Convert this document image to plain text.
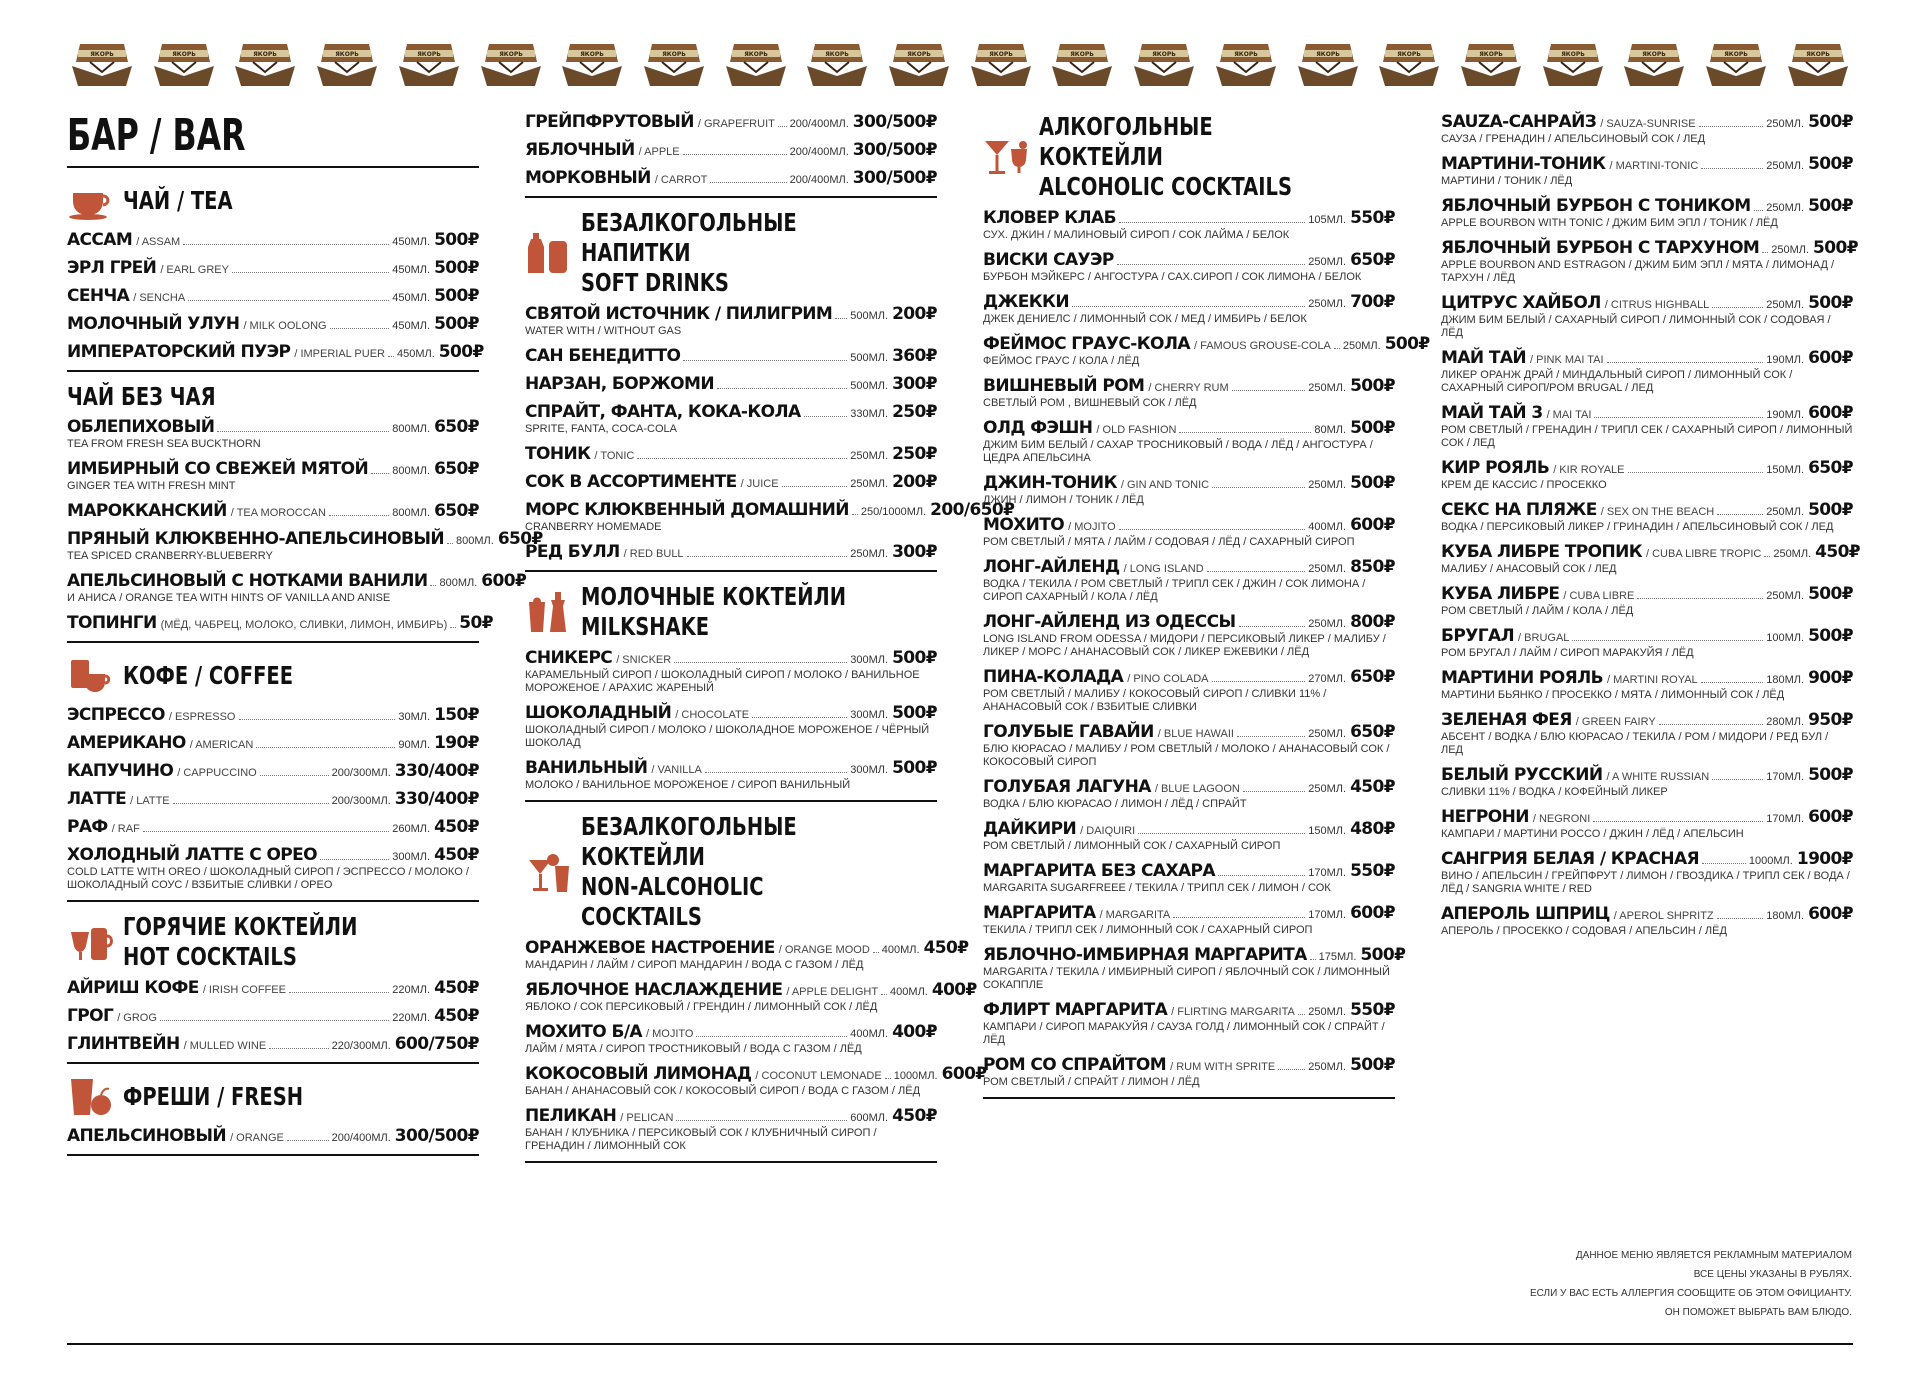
ЯКОРЬ	ЯКОРЬ	ЯКОРЬ	ЯКОРЬ	ЯКОРЬ	ЯКОРЬ	ЯКОРЬ	ЯКОРЬ	ЯКОРЬ	ЯКОРЬ	ЯКОРЬ	ЯКОРЬ	ЯКОРЬ	ЯКОРЬ	ЯКОРЬ	ЯКОРЬ	ЯКОРЬ	ЯКОРЬ	ЯКОРЬ	ЯКОРЬ	ЯКОРЬ	ЯКОРЬ
БАР / BAR
ЧАЙ / TEA
АССАМ / ASSAM	450МЛ. 500₽
ЭРЛ ГРЕЙ / EARL GREY	450МЛ. 500₽
СЕНЧА / SENCHA	450МЛ. 500₽
МОЛОЧНЫЙ УЛУН / MILK OOLONG	450МЛ. 500₽
ИМПЕРАТОРСКИЙ ПУЭР / IMPERIAL PUER 450МЛ. 500₽
ЧАЙ БЕЗ ЧАЯ
ОБЛЕПИХОВЫЙ	800МЛ. 650₽
TEA FROM FRESH SEA BUCKTHORN
ИМБИРНЫЙ СО СВЕЖЕЙ МЯТОЙ 800МЛ. 650₽
GINGER TEA WITH FRESH MINT
МАРОККАНСКИЙ / TEA MOROCCAN	800МЛ. 650₽
ПРЯНЫЙ КЛЮКВЕННО-АПЕЛЬСИНОВЫЙ 800МЛ. 650₽
TEA SPICED CRANBERRY-BLUEBERRY
АПЕЛЬСИНОВЫЙ С НОТКАМИ ВАНИЛИ 800МЛ. 600₽
И АНИСА / ORANGE TEA WITH HINTS OF VANILLA AND ANISE
ТОПИНГИ (МЁД, ЧАБРЕЦ, МОЛОКО, СЛИВКИ, ЛИМОН, ИМБИРЬ) 50₽
КОФЕ / COFFEE
ЭСПРЕССО / ESPRESSO	30МЛ. 150₽
АМЕРИКАНО / AMERICAN	90МЛ. 190₽
КАПУЧИНО / CAPPUCCINO	200/300МЛ. 330/400₽
ЛАТТЕ / LATTE	200/300МЛ. 330/400₽
РАФ / RAF	260МЛ. 450₽
ХОЛОДНЫЙ ЛАТТЕ С ОРЕО	300МЛ. 450₽
COLD LATTE WITH OREO / ШОКОЛАДНЫЙ СИРОП / ЭСПРЕССО / МОЛОКО / ШОКОЛАДНЫЙ СОУС / ВЗБИТЫЕ СЛИВКИ / ОРЕО
ГОРЯЧИЕ КОКТЕЙЛИ
HOT COCKTAILS
АЙРИШ КОФЕ / IRISH COFFEE	220МЛ. 450₽
ГРОГ / GROG	220МЛ. 450₽
ГЛИНТВЕЙН / MULLED WINE	220/300МЛ. 600/750₽
ФРЕШИ / FRESH
АПЕЛЬСИНОВЫЙ / ORANGE	200/400МЛ. 300/500₽
ГРЕЙПФРУТОВЫЙ / GRAPEFRUIT 200/400МЛ. 300/500₽
ЯБЛОЧНЫЙ / APPLE	200/400МЛ. 300/500₽
МОРКОВНЫЙ / CARROT	200/400МЛ. 300/500₽
БЕЗАЛКОГОЛЬНЫЕ НАПИТКИ
SOFT DRINKS
СВЯТОЙ ИСТОЧНИК / ПИЛИГРИМ 500МЛ. 200₽
WATER WITH / WITHOUT GAS
САН БЕНЕДИТТО	500МЛ. 360₽
НАРЗАН, БОРЖОМИ	500МЛ. 300₽
СПРАЙТ, ФАНТА, КОКА-КОЛА	330МЛ. 250₽
SPRITE, FANTA, COCA-COLA
ТОНИК / TONIC	250МЛ. 250₽
СОК В АССОРТИМЕНТЕ / JUICE	250МЛ. 200₽
МОРС КЛЮКВЕННЫЙ ДОМАШНИЙ 250/1000МЛ. 200/650₽
CRANBERRY HOMEMADE
РЕД БУЛЛ / RED BULL	250МЛ. 300₽
МОЛОЧНЫЕ КОКТЕЙЛИ
MILKSHAKE
СНИКЕРС / SNICKER	300МЛ. 500₽
КАРАМЕЛЬНЫЙ СИРОП / ШОКОЛАДНЫЙ СИРОП / МОЛОКО / ВАНИЛЬНОЕ МОРОЖЕНОЕ / АРАХИС ЖАРЕНЫЙ
ШОКОЛАДНЫЙ / CHOCOLATE	300МЛ. 500₽
ШОКОЛАДНЫЙ СИРОП / МОЛОКО / ШОКОЛАДНОЕ МОРОЖЕНОЕ / ЧЁРНЫЙ ШОКОЛАД
ВАНИЛЬНЫЙ / VANILLA	300МЛ. 500₽
МОЛОКО / ВАНИЛЬНОЕ МОРОЖЕНОЕ / СИРОП ВАНИЛЬНЫЙ
БЕЗАЛКОГОЛЬНЫЕ КОКТЕЙЛИ
NON-ALCOHOLIC COCKTAILS
ОРАНЖЕВОЕ НАСТРОЕНИЕ / ORANGE MOOD 400МЛ. 450₽
МАНДАРИН / ЛАЙМ / СИРОП МАНДАРИН / ВОДА С ГАЗОМ / ЛЁД
ЯБЛОЧНОЕ НАСЛАЖДЕНИЕ / APPLE DELIGHT 400МЛ. 400₽
ЯБЛОКО / СОК ПЕРСИКОВЫЙ / ГРЕНДИН / ЛИМОННЫЙ СОК / ЛЁД
МОХИТО Б/А / MOJITO	400МЛ. 400₽
ЛАЙМ / МЯТА / СИРОП ТРОСТНИКОВЫЙ / ВОДА С ГАЗОМ / ЛЁД
КОКОСОВЫЙ ЛИМОНАД / COCONUT LEMONADE 1000МЛ. 600₽
БАНАН / АНАНАСОВЫЙ СОК / КОКОСОВЫЙ СИРОП / ВОДА С ГАЗОМ / ЛЁД
ПЕЛИКАН / PELICAN	600МЛ. 450₽
БАНАН / КЛУБНИКА / ПЕРСИКОВЫЙ СОК / КЛУБНИЧНЫЙ СИРОП / ГРЕНАДИН / ЛИМОННЫЙ СОК
АЛКОГОЛЬНЫЕ КОКТЕЙЛИ
ALCOHOLIC COCKTAILS
КЛОВЕР КЛАБ	105МЛ. 550₽
СУХ. ДЖИН / МАЛИНОВЫЙ СИРОП / СОК ЛАЙМА / БЕЛОК
ВИСКИ САУЭР	250МЛ. 650₽
БУРБОН МЭЙКЕРС / АНГОСТУРА / САХ.СИРОП / СОК ЛИМОНА / БЕЛОК
ДЖЕККИ	250МЛ. 700₽
ДЖЕК ДЕНИЕЛС / ЛИМОННЫЙ СОК / МЕД / ИМБИРЬ / БЕЛОК
ФЕЙМОС ГРАУС-КОЛА / FAMOUS GROUSE-COLA 250МЛ. 500₽
ФЕЙМОС ГРАУС / КОЛА / ЛЁД
ВИШНЕВЫЙ РОМ / CHERRY RUM	250МЛ. 500₽
СВЕТЛЫЙ РОМ , ВИШНЕВЫЙ СОК / ЛЁД
ОЛД ФЭШН / OLD FASHION	80МЛ. 500₽
ДЖИМ БИМ БЕЛЫЙ / САХАР ТРОСНИКОВЫЙ / ВОДА / ЛЁД / АНГОСТУРА / ЦЕДРА АПЕЛЬСИНА
ДЖИН-ТОНИК / GIN AND TONIC	250МЛ. 500₽
ДЖИН / ЛИМОН / ТОНИК / ЛЁД
МОХИТО / MOJITO	400МЛ. 600₽
РОМ СВЕТЛЫЙ / МЯТА / ЛАЙМ / СОДОВАЯ / ЛЁД / САХАРНЫЙ СИРОП
ЛОНГ-АЙЛЕНД / LONG ISLAND	250МЛ. 850₽
ВОДКА / ТЕКИЛА / РОМ СВЕТЛЫЙ / ТРИПЛ СЕК / ДЖИН / СОК ЛИМОНА / СИРОП САХАРНЫЙ / КОЛА / ЛЁД
ЛОНГ-АЙЛЕНД ИЗ ОДЕССЫ	250МЛ. 800₽
LONG ISLAND FROM ODESSA / МИДОРИ / ПЕРСИКОВЫЙ ЛИКЕР / МАЛИБУ / ЛИКЕР / МОРС / АНАНАСОВЫЙ СОК / ЛИКЕР ЕЖЕВИКИ / ЛЁД
ПИНА-КОЛАДА / PINO COLADA	270МЛ. 650₽
РОМ СВЕТЛЫЙ / МАЛИБУ / КОКОСОВЫЙ СИРОП / СЛИВКИ 11% / АНАНАСОВЫЙ СОК / ВЗБИТЫЕ СЛИВКИ
ГОЛУБЫЕ ГАВАЙИ / BLUE HAWAII	250МЛ. 650₽
БЛЮ КЮРАСАО / МАЛИБУ / РОМ СВЕТЛЫЙ / МОЛОКО / АНАНАСОВЫЙ СОК / КОКОСОВЫЙ СИРОП
ГОЛУБАЯ ЛАГУНА / BLUE LAGOON	250МЛ. 450₽
ВОДКА / БЛЮ КЮРАСАО / ЛИМОН / ЛЁД / СПРАЙТ
ДАЙКИРИ / DAIQUIRI	150МЛ. 480₽
РОМ СВЕТЛЫЙ / ЛИМОННЫЙ СОК / САХАРНЫЙ СИРОП
МАРГАРИТА БЕЗ САХАРА	170МЛ. 550₽
MARGARITA SUGARFREEE / ТЕКИЛА / ТРИПЛ СЕК / ЛИМОН / СОК
МАРГАРИТА / MARGARITA	170МЛ. 600₽
ТЕКИЛА / ТРИПЛ СЕК / ЛИМОННЫЙ СОК / САХАРНЫЙ СИРОП
ЯБЛОЧНО-ИМБИРНАЯ МАРГАРИТА 175МЛ. 500₽
MARGARITA / ТЕКИЛА / ИМБИРНЫЙ СИРОП / ЯБЛОЧНЫЙ СОК / ЛИМОННЫЙ СОКАППЛЕ
ФЛИРТ МАРГАРИТА / FLIRTING MARGARITA 250МЛ. 550₽
КАМПАРИ / СИРОП МАРАКУЙЯ / САУЗА ГОЛД / ЛИМОННЫЙ СОК / СПРАЙТ / ЛЁД
РОМ СО СПРАЙТОМ / RUM WITH SPRITE	250МЛ. 500₽
РОМ СВЕТЛЫЙ / СПРАЙТ / ЛИМОН / ЛЁД
SAUZA-САНРАЙЗ / SAUZA-SUNRISE	250МЛ. 500₽
САУЗА / ГРЕНАДИН / АПЕЛЬСИНОВЫЙ СОК / ЛЕД
МАРТИНИ-ТОНИК / MARTINI-TONIC	250МЛ. 500₽
МАРТИНИ / ТОНИК / ЛЁД
ЯБЛОЧНЫЙ БУРБОН С ТОНИКОМ 250МЛ. 500₽
APPLE BOURBON WITH TONIC / ДЖИМ БИМ ЭПЛ / ТОНИК / ЛЁД
ЯБЛОЧНЫЙ БУРБОН С ТАРХУНОМ 250МЛ. 500₽
APPLE BOURBON AND ESTRAGON / ДЖИМ БИМ ЭПЛ / МЯТА / ЛИМОНАД / ТАРХУН / ЛЁД
ЦИТРУС ХАЙБОЛ / CITRUS HIGHBALL	250МЛ. 500₽
ДЖИМ БИМ БЕЛЫЙ / САХАРНЫЙ СИРОП / ЛИМОННЫЙ СОК / СОДОВАЯ / ЛЁД
МАЙ ТАЙ / PINK MAI TAI	190МЛ. 600₽
ЛИКЕР ОРАНЖ ДРАЙ / МИНДАЛЬНЫЙ СИРОП / ЛИМОННЫЙ СОК / САХАРНЫЙ СИРОП/POM BRUGAL / ЛЕД
МАЙ ТАЙ 3 / MAI TAI	190МЛ. 600₽
РОМ СВЕТЛЫЙ / ГРЕНАДИН / ТРИПЛ СЕК / САХАРНЫЙ СИРОП / ЛИМОННЫЙ СОК / ЛЕД
КИР РОЯЛЬ / KIR ROYALE	150МЛ. 650₽
КРЕМ ДЕ КАССИС / ПРОСЕККО
СЕКС НА ПЛЯЖЕ / SEX ON THE BEACH	250МЛ. 500₽
ВОДКА / ПЕРСИКОВЫЙ ЛИКЕР / ГРИНАДИН / АПЕЛЬСИНОВЫЙ СОК / ЛЕД
КУБА ЛИБРЕ ТРОПИК / CUBA LIBRE TROPIC 250МЛ. 450₽
МАЛИБУ / АНАСОВЫЙ СОК / ЛЕД
КУБА ЛИБРЕ / CUBA LIBRE	250МЛ. 500₽
РОМ СВЕТЛЫЙ / ЛАЙМ / КОЛА / ЛЁД
БРУГАЛ / BRUGAL	100МЛ. 500₽
РОМ БРУГАЛ / ЛАЙМ / СИРОП МАРАКУЙЯ / ЛЁД
МАРТИНИ РОЯЛЬ / MARTINI ROYAL	180МЛ. 900₽
МАРТИНИ БЬЯНКО / ПРОСЕККО / МЯТА / ЛИМОННЫЙ СОК / ЛЁД
ЗЕЛЕНАЯ ФЕЯ / GREEN FAIRY	280МЛ. 950₽
АБСЕНТ / ВОДКА / БЛЮ КЮРАСАО / ТЕКИЛА / РОМ / МИДОРИ / РЕД БУЛ / ЛЕД
БЕЛЫЙ РУССКИЙ / A WHITE RUSSIAN	170МЛ. 500₽
СЛИВКИ 11% / ВОДКА / КОФЕЙНЫЙ ЛИКЕР
НЕГРОНИ / NEGRONI	170МЛ. 600₽
КАМПАРИ / МАРТИНИ РОССО / ДЖИН / ЛЁД / АПЕЛЬСИН
САНГРИЯ БЕЛАЯ / КРАСНАЯ	1000МЛ. 1900₽
ВИНО / АПЕЛЬСИН / ГРЕЙПФРУТ / ЛИМОН / ГВОЗДИКА / ТРИПЛ СЕК / ВОДА / ЛЁД / SANGRIA WHITE / RED
АПЕРОЛЬ ШПРИЦ / APEROL SHPRITZ	180МЛ. 600₽
АПЕРОЛЬ / ПРОСЕККО / СОДОВАЯ / АПЕЛЬСИН / ЛЁД
ДАННОЕ МЕНЮ ЯВЛЯЕТСЯ РЕКЛАМНЫМ МАТЕРИАЛОМ
ВСЕ ЦЕНЫ УКАЗАНЫ В РУБЛЯХ.
ЕСЛИ У ВАС ЕСТЬ АЛЛЕРГИЯ СООБЩИТЕ ОБ ЭТОМ ОФИЦИАНТУ.
ОН ПОМОЖЕТ ВЫБРАТЬ ВАМ БЛЮДО.
